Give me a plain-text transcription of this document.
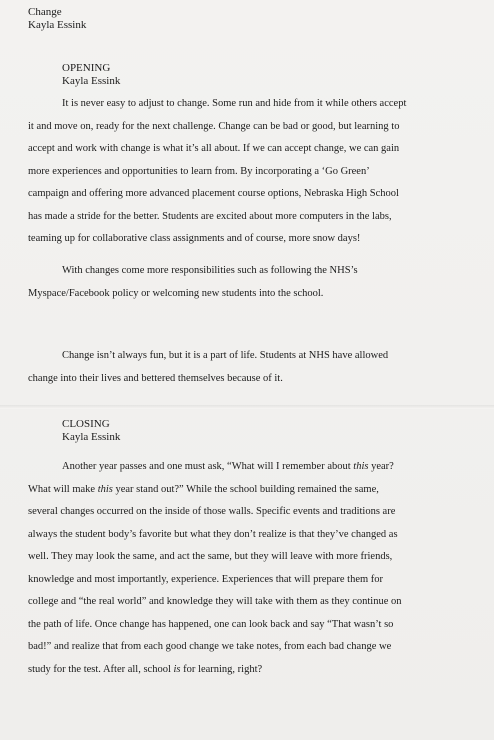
Change
Kayla Essink
OPENING
Kayla Essink
It is never easy to adjust to change. Some run and hide from it while others accept
it and move on, ready for the next challenge. Change can be bad or good, but learning to
accept and work with change is what it’s all about. If we can accept change, we can gain
more experiences and opportunities to learn from. By incorporating a ‘Go Green’
campaign and offering more advanced placement course options, Nebraska High School
has made a stride for the better. Students are excited about more computers in the labs,
teaming up for collaborative class assignments and of course, more snow days!
With changes come more responsibilities such as following the NHS’s
Myspace/Facebook policy or welcoming new students into the school.
Change isn’t always fun, but it is a part of life. Students at NHS have allowed
change into their lives and bettered themselves because of it.
CLOSING
Kayla Essink
Another year passes and one must ask, “What will I remember about this year?
What will make this year stand out?” While the school building remained the same,
several changes occurred on the inside of those walls. Specific events and traditions are
always the student body’s favorite but what they don’t realize is that they’ve changed as
well. They may look the same, and act the same, but they will leave with more friends,
knowledge and most importantly, experience. Experiences that will prepare them for
college and “the real world” and knowledge they will take with them as they continue on
the path of life. Once change has happened, one can look back and say “That wasn’t so
bad!” and realize that from each good change we take notes, from each bad change we
study for the test. After all, school is for learning, right?
